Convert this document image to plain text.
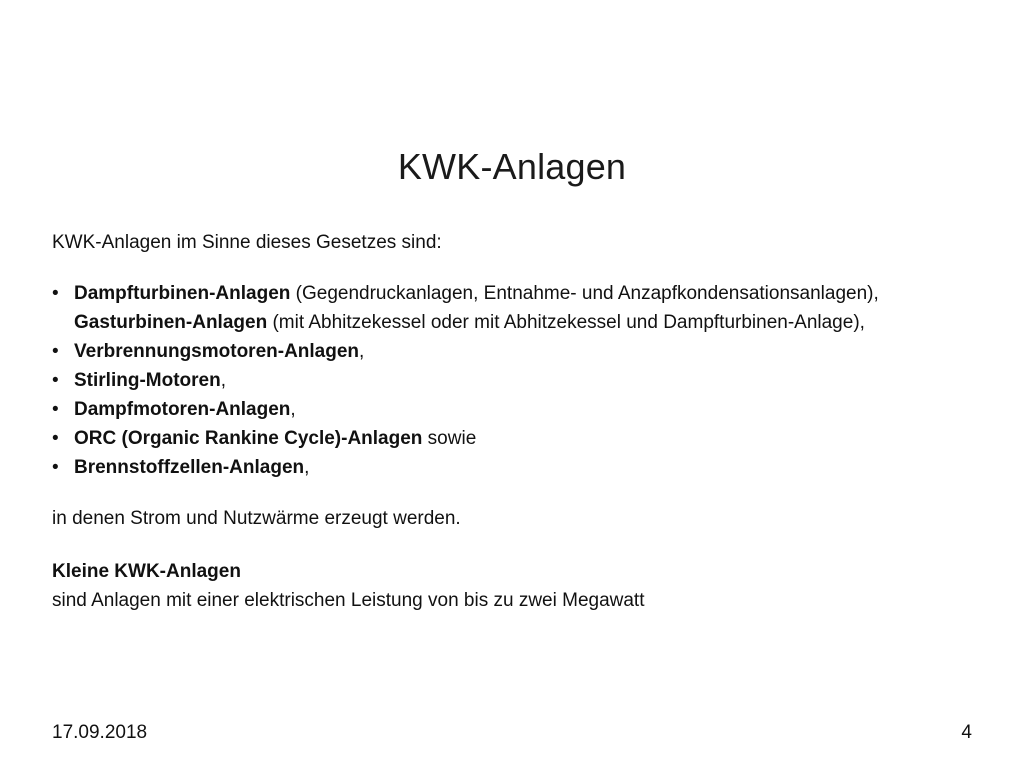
KWK-Anlagen

KWK-Anlagen im Sinne dieses Gesetzes sind:

• Dampfturbinen-Anlagen (Gegendruckanlagen, Entnahme- und Anzapfkondensationsanlagen),
Gasturbinen-Anlagen (mit Abhitzekessel oder mit Abhitzekessel und Dampfturbinen-Anlage),
• Verbrennungsmotoren-Anlagen,
• Stirling-Motoren,
• Dampfmotoren-Anlagen,
• ORC (Organic Rankine Cycle)-Anlagen sowie
• Brennstoffzellen-Anlagen,

in denen Strom und Nutzwärme erzeugt werden.

Kleine KWK-Anlagen

sind Anlagen mit einer elektrischen Leistung von bis zu zwei Megawatt

17.09.2018	4
